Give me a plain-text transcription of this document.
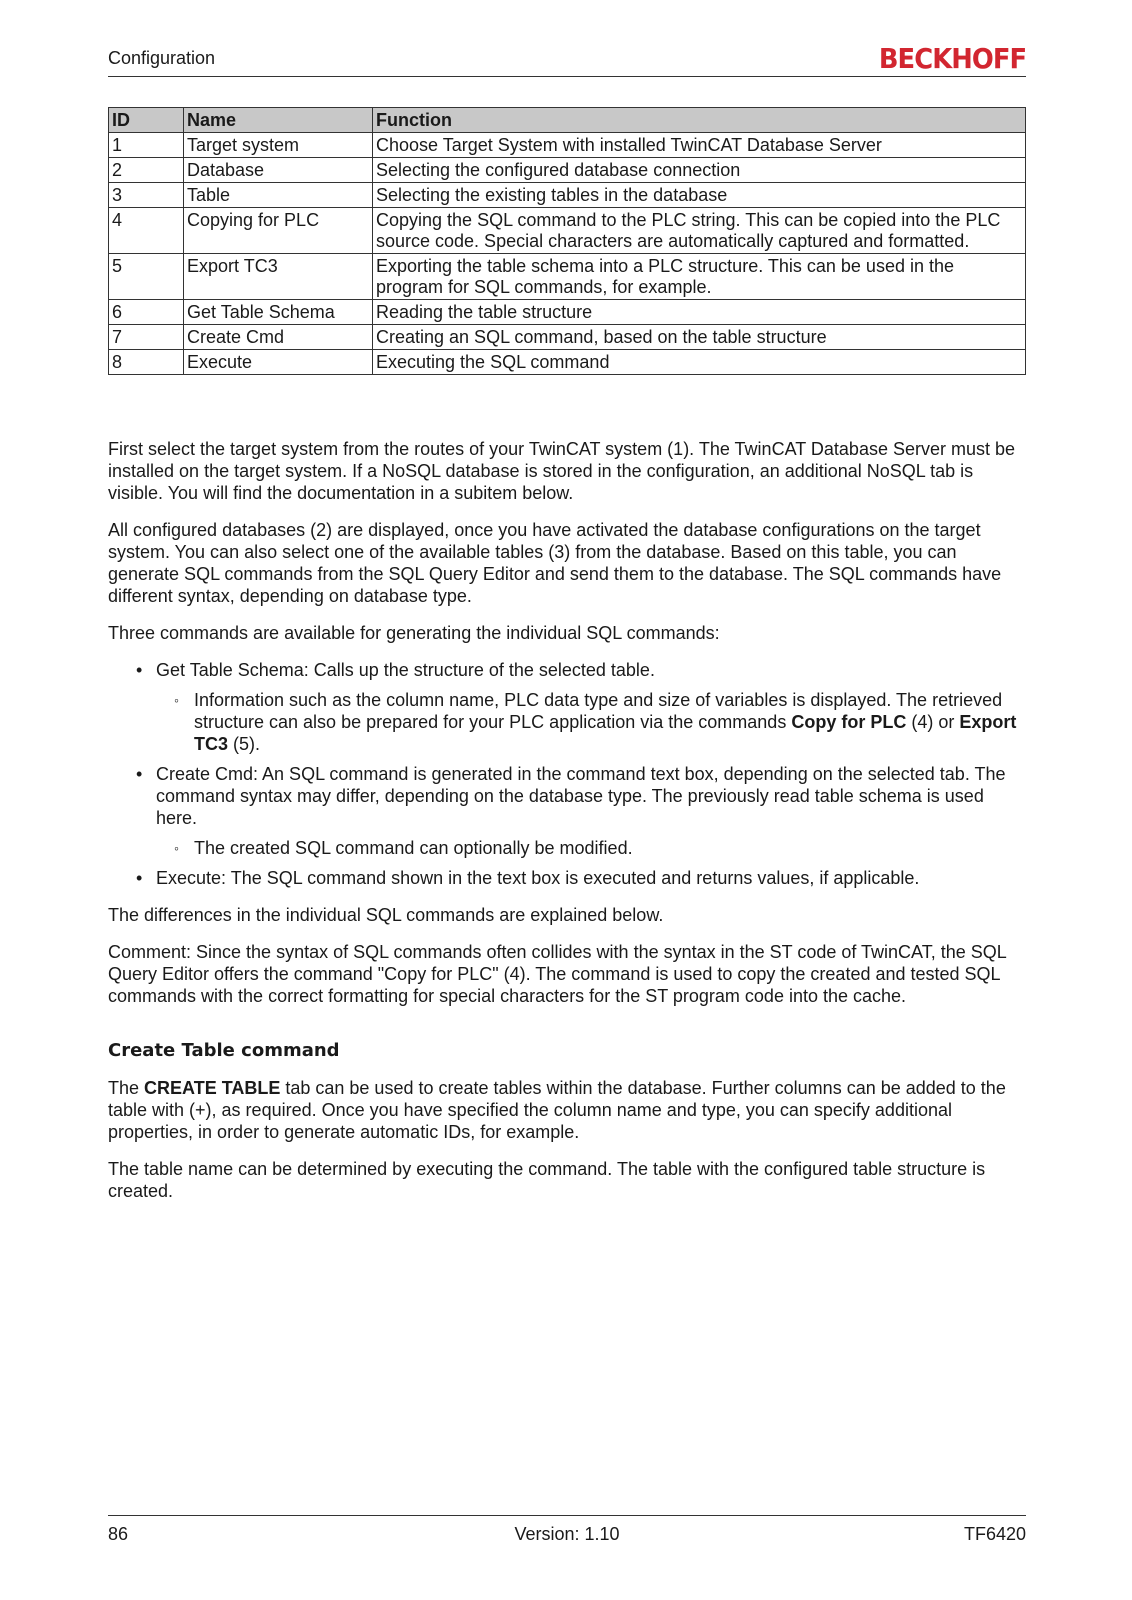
Configuration	BECKHOFF
ID	Name	Function
1	Target system	Choose Target System with installed TwinCAT Database Server
2	Database	Selecting the configured database connection
3	Table	Selecting the existing tables in the database
4	Copying for PLC	Copying the SQL command to the PLC string. This can be copied into the PLC source code. Special characters are automatically captured and formatted.
5	Export TC3	Exporting the table schema into a PLC structure. This can be used in the program for SQL commands, for example.
6	Get Table Schema	Reading the table structure
7	Create Cmd	Creating an SQL command, based on the table structure
8	Execute	Executing the SQL command

First select the target system from the routes of your TwinCAT system (1). The TwinCAT Database Server must be installed on the target system. If a NoSQL database is stored in the configuration, an additional NoSQL tab is visible. You will find the documentation in a subitem below.

All configured databases (2) are displayed, once you have activated the database configurations on the target system. You can also select one of the available tables (3) from the database. Based on this table, you can generate SQL commands from the SQL Query Editor and send them to the database. The SQL commands have different syntax, depending on database type.

Three commands are available for generating the individual SQL commands:

• Get Table Schema: Calls up the structure of the selected table.
◦ Information such as the column name, PLC data type and size of variables is displayed. The retrieved structure can also be prepared for your PLC application via the commands Copy for PLC (4) or Export TC3 (5).
• Create Cmd: An SQL command is generated in the command text box, depending on the selected tab. The command syntax may differ, depending on the database type. The previously read table schema is used here.
◦ The created SQL command can optionally be modified.
• Execute: The SQL command shown in the text box is executed and returns values, if applicable.

The differences in the individual SQL commands are explained below.

Comment: Since the syntax of SQL commands often collides with the syntax in the ST code of TwinCAT, the SQL Query Editor offers the command "Copy for PLC" (4). The command is used to copy the created and tested SQL commands with the correct formatting for special characters for the ST program code into the cache.

Create Table command

The CREATE TABLE tab can be used to create tables within the database. Further columns can be added to the table with (+), as required. Once you have specified the column name and type, you can specify additional properties, in order to generate automatic IDs, for example.

The table name can be determined by executing the command. The table with the configured table structure is created.

86	Version: 1.10	TF6420
